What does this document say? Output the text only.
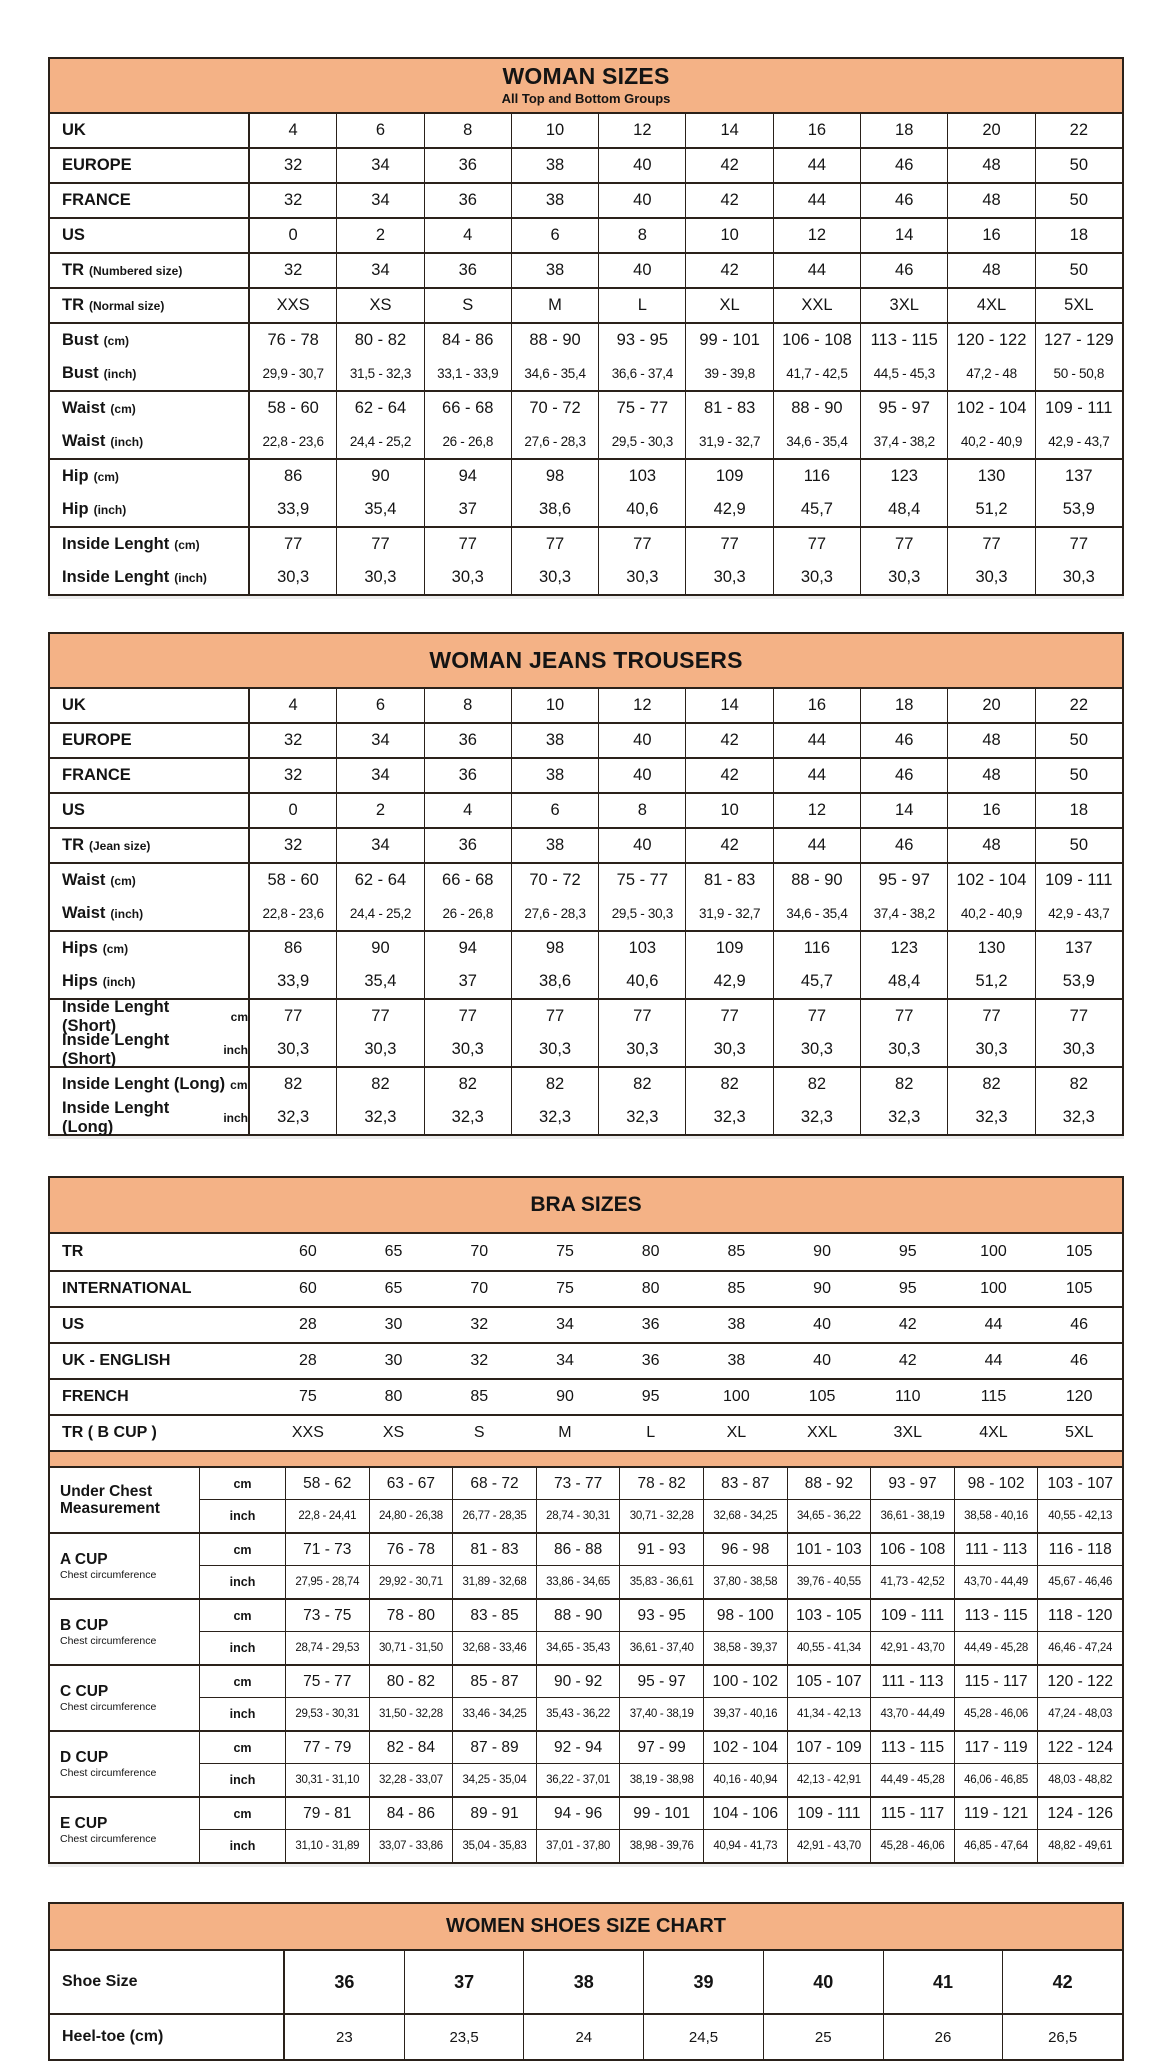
WOMAN SIZES
All Top and Bottom Groups
UK	4	6	8	10	12	14	16	18	20	22
EUROPE	32	34	36	38	40	42	44	46	48	50
FRANCE	32	34	36	38	40	42	44	46	48	50
US	0	2	4	6	8	10	12	14	16	18
TR (Numbered size)	32	34	36	38	40	42	44	46	48	50
TR (Normal size)	XXS	XS	S	M	L	XL	XXL	3XL	4XL	5XL
Bust (cm)	76 - 78	80 - 82	84 - 86	88 - 90	93 - 95	99 - 101	106 - 108	113 - 115	120 - 122	127 - 129
Bust (inch)	29,9 - 30,7	31,5 - 32,3	33,1 - 33,9	34,6 - 35,4	36,6 - 37,4	39 - 39,8	41,7 - 42,5	44,5 - 45,3	47,2 - 48	50 - 50,8
Waist (cm)	58 - 60	62 - 64	66 - 68	70 - 72	75 - 77	81 - 83	88 - 90	95 - 97	102 - 104	109 - 111
Waist (inch)	22,8 - 23,6	24,4 - 25,2	26 - 26,8	27,6 - 28,3	29,5 - 30,3	31,9 - 32,7	34,6 - 35,4	37,4 - 38,2	40,2 - 40,9	42,9 - 43,7
Hip (cm)	86	90	94	98	103	109	116	123	130	137
Hip (inch)	33,9	35,4	37	38,6	40,6	42,9	45,7	48,4	51,2	53,9
Inside Lenght (cm)	77	77	77	77	77	77	77	77	77	77
Inside Lenght (inch)	30,3	30,3	30,3	30,3	30,3	30,3	30,3	30,3	30,3	30,3
WOMAN JEANS TROUSERS
UK	4	6	8	10	12	14	16	18	20	22
EUROPE	32	34	36	38	40	42	44	46	48	50
FRANCE	32	34	36	38	40	42	44	46	48	50
US	0	2	4	6	8	10	12	14	16	18
TR (Jean size)	32	34	36	38	40	42	44	46	48	50
Waist (cm)	58 - 60	62 - 64	66 - 68	70 - 72	75 - 77	81 - 83	88 - 90	95 - 97	102 - 104	109 - 111
Waist (inch)	22,8 - 23,6	24,4 - 25,2	26 - 26,8	27,6 - 28,3	29,5 - 30,3	31,9 - 32,7	34,6 - 35,4	37,4 - 38,2	40,2 - 40,9	42,9 - 43,7
Hips (cm)	86	90	94	98	103	109	116	123	130	137
Hips (inch)	33,9	35,4	37	38,6	40,6	42,9	45,7	48,4	51,2	53,9
Inside Lenght (Short)	cm	77	77	77	77	77	77	77	77	77	77
Inside Lenght (Short)	inch	30,3	30,3	30,3	30,3	30,3	30,3	30,3	30,3	30,3	30,3
Inside Lenght (Long) cm	82	82	82	82	82	82	82	82	82	82
Inside Lenght (Long)	inch	32,3	32,3	32,3	32,3	32,3	32,3	32,3	32,3	32,3	32,3
BRA SIZES
TR	60	65	70	75	80	85	90	95	100	105
INTERNATIONAL	60	65	70	75	80	85	90	95	100	105
US	28	30	32	34	36	38	40	42	44	46
UK - ENGLISH	28	30	32	34	36	38	40	42	44	46
FRENCH	75	80	85	90	95	100	105	110	115	120
TR ( B CUP )	XXS	XS	S	M	L	XL	XXL	3XL	4XL	5XL
Under Chest Measurement
cm	58 - 62	63 - 67	68 - 72	73 - 77	78 - 82	83 - 87	88 - 92	93 - 97	98 - 102	103 - 107
inch	22,8 - 24,41	24,80 - 26,38	26,77 - 28,35	28,74 - 30,31	30,71 - 32,28	32,68 - 34,25	34,65 - 36,22	36,61 - 38,19	38,58 - 40,16	40,55 - 42,13
A CUP
Chest circumference
cm	71 - 73	76 - 78	81 - 83	86 - 88	91 - 93	96 - 98	101 - 103	106 - 108	111 - 113	116 - 118
inch	27,95 - 28,74	29,92 - 30,71	31,89 - 32,68	33,86 - 34,65	35,83 - 36,61	37,80 - 38,58	39,76 - 40,55	41,73 - 42,52	43,70 - 44,49	45,67 - 46,46
B CUP
Chest circumference
cm	73 - 75	78 - 80	83 - 85	88 - 90	93 - 95	98 - 100	103 - 105	109 - 111	113 - 115	118 - 120
inch	28,74 - 29,53	30,71 - 31,50	32,68 - 33,46	34,65 - 35,43	36,61 - 37,40	38,58 - 39,37	40,55 - 41,34	42,91 - 43,70	44,49 - 45,28	46,46 - 47,24
C CUP
Chest circumference
cm	75 - 77	80 - 82	85 - 87	90 - 92	95 - 97	100 - 102	105 - 107	111 - 113	115 - 117	120 - 122
inch	29,53 - 30,31	31,50 - 32,28	33,46 - 34,25	35,43 - 36,22	37,40 - 38,19	39,37 - 40,16	41,34 - 42,13	43,70 - 44,49	45,28 - 46,06	47,24 - 48,03
D CUP
Chest circumference
cm	77 - 79	82 - 84	87 - 89	92 - 94	97 - 99	102 - 104	107 - 109	113 - 115	117 - 119	122 - 124
inch	30,31 - 31,10	32,28 - 33,07	34,25 - 35,04	36,22 - 37,01	38,19 - 38,98	40,16 - 40,94	42,13 - 42,91	44,49 - 45,28	46,06 - 46,85	48,03 - 48,82
E CUP
Chest circumference
cm	79 - 81	84 - 86	89 - 91	94 - 96	99 - 101	104 - 106	109 - 111	115 - 117	119 - 121	124 - 126
inch	31,10 - 31,89	33,07 - 33,86	35,04 - 35,83	37,01 - 37,80	38,98 - 39,76	40,94 - 41,73	42,91 - 43,70	45,28 - 46,06	46,85 - 47,64	48,82 - 49,61
WOMEN SHOES SIZE CHART
Shoe Size	36	37	38	39	40	41	42
Heel-toe (cm)	23	23,5	24	24,5	25	26	26,5
